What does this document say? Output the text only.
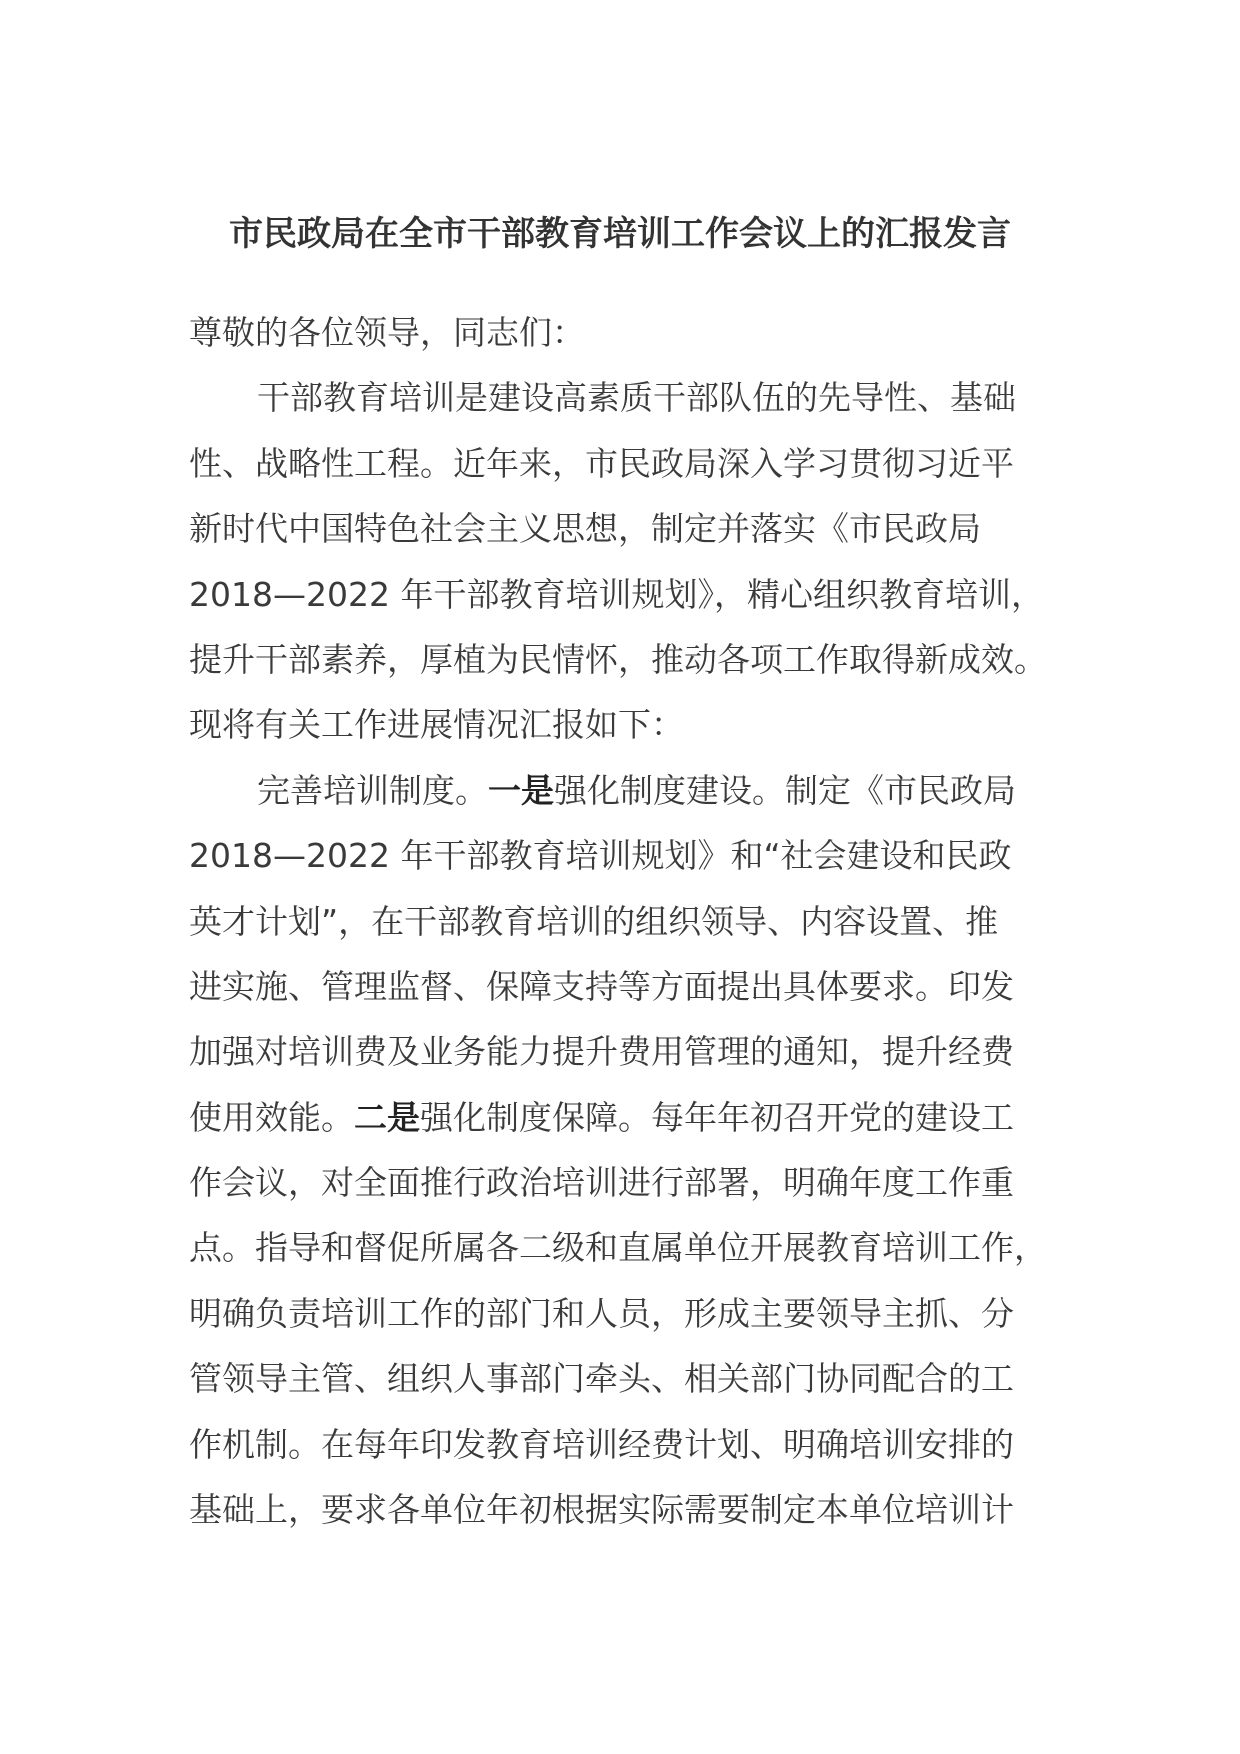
市民政局在全市干部教育培训工作会议上的汇报发言
尊敬的各位领导，同志们：
干部教育培训是建设高素质干部队伍的先导性、基础
性、战略性工程。近年来，市民政局深入学习贯彻习近平
新时代中国特色社会主义思想，制定并落实《市民政局
2018—2022 年干部教育培训规划》，精心组织教育培训，
提升干部素养，厚植为民情怀，推动各项工作取得新成效。
现将有关工作进展情况汇报如下：
完善培训制度。一是强化制度建设。制定《市民政局
2018—2022 年干部教育培训规划》和“社会建设和民政
英才计划”，在干部教育培训的组织领导、内容设置、推
进实施、管理监督、保障支持等方面提出具体要求。印发
加强对培训费及业务能力提升费用管理的通知，提升经费
使用效能。二是强化制度保障。每年年初召开党的建设工
作会议，对全面推行政治培训进行部署，明确年度工作重
点。指导和督促所属各二级和直属单位开展教育培训工作，
明确负责培训工作的部门和人员，形成主要领导主抓、分
管领导主管、组织人事部门牵头、相关部门协同配合的工
作机制。在每年印发教育培训经费计划、明确培训安排的
基础上，要求各单位年初根据实际需要制定本单位培训计
